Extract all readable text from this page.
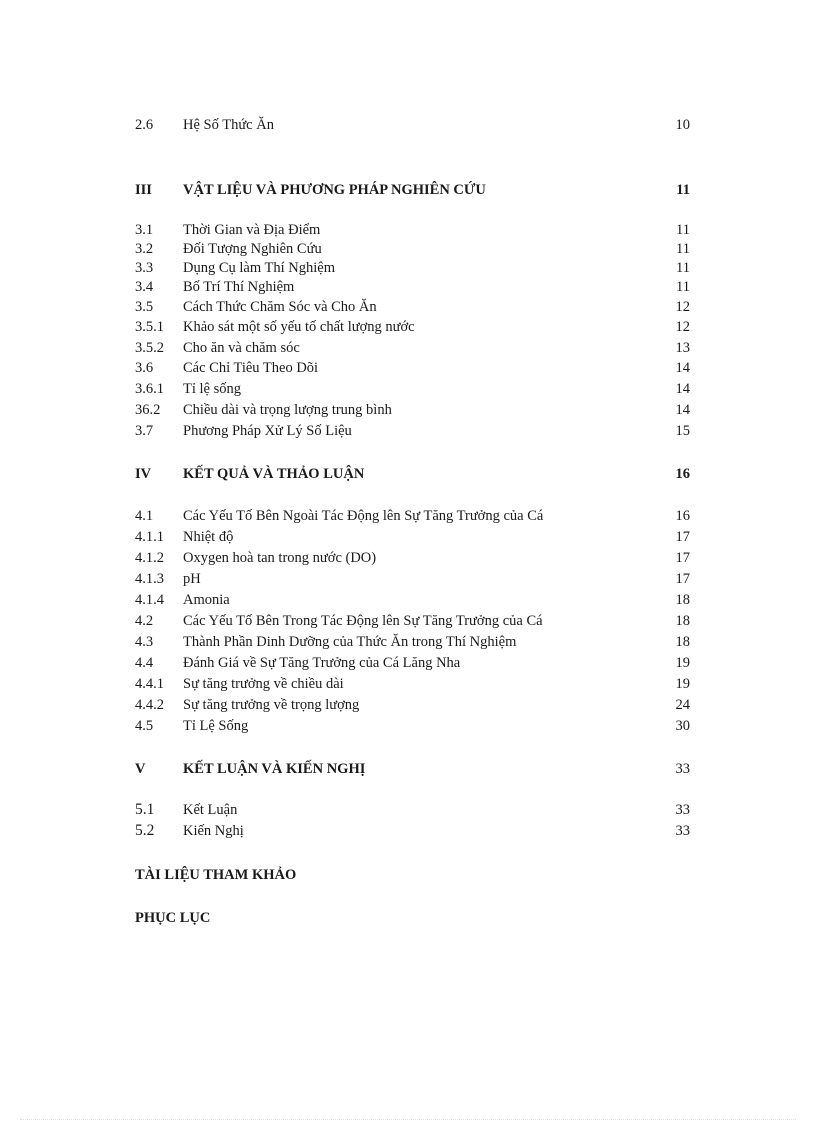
2.6 Hệ Số Thức Ăn	10
III VẬT LIỆU VÀ PHƯƠNG PHÁP NGHIÊN CỨU	11
3.1 Thời Gian và Địa Điểm	11
3.2 Đối Tượng Nghiên Cứu	11
3.3 Dụng Cụ làm Thí Nghiệm	11
3.4 Bố Trí Thí Nghiệm	11
3.5 Cách Thức Chăm Sóc và Cho Ăn	12
3.5.1 Khảo sát một số yếu tố chất lượng nước	12
3.5.2 Cho ăn và chăm sóc	13
3.6 Các Chỉ Tiêu Theo Dõi	14
3.6.1 Tỉ lệ sống	14
36.2 Chiều dài và trọng lượng trung bình	14
3.7 Phương Pháp Xử Lý Số Liệu	15
IV KẾT QUẢ VÀ THẢO LUẬN	16
4.1 Các Yếu Tố Bên Ngoài Tác Động lên Sự Tăng Trưởng của Cá	16
4.1.1 Nhiệt độ	17
4.1.2 Oxygen hoà tan trong nước (DO)	17
4.1.3 pH	17
4.1.4 Amonia	18
4.2 Các Yếu Tố Bên Trong Tác Động lên Sự Tăng Trưởng của Cá	18
4.3 Thành Phần Dinh Dưỡng của Thức Ăn trong Thí Nghiệm	18
4.4 Đánh Giá về Sự Tăng Trưởng của Cá Lăng Nha	19
4.4.1 Sự tăng trưởng về chiều dài	19
4.4.2 Sự tăng trưởng về trọng lượng	24
4.5 Tỉ Lệ Sống	30
V	KẾT LUẬN VÀ KIẾN NGHỊ	33
5.1 Kết Luận	33
5.2 Kiến Nghị	33
TÀI LIỆU THAM KHẢO
PHỤC LỤC
